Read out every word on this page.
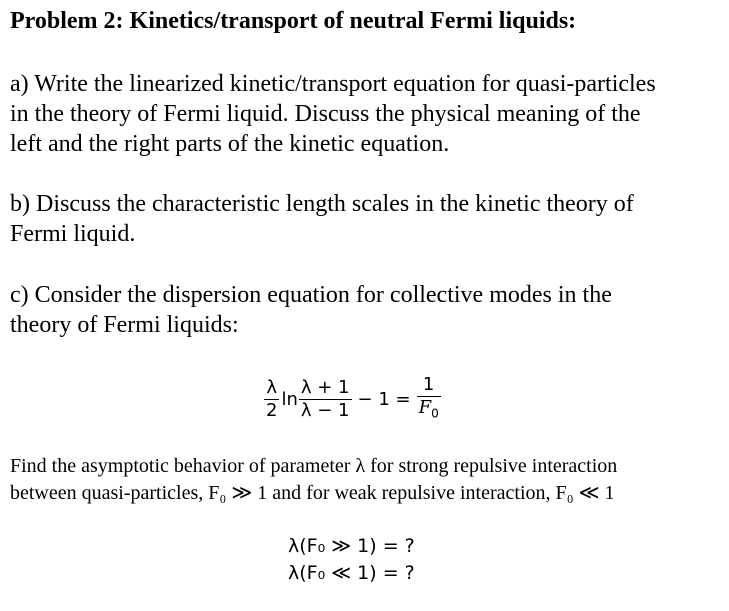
Problem 2: Kinetics/transport of neutral Fermi liquids:
a) Write the linearized kinetic/transport equation for quasi-particles
in the theory of Fermi liquid. Discuss the physical meaning of the
left and the right parts of the kinetic equation.
b) Discuss the characteristic length scales in the kinetic theory of
Fermi liquid.
c) Consider the dispersion equation for collective modes in the
theory of Fermi liquids:
$\frac{\lambda}{2}$ $\ln \frac{\lambda + 1}{\lambda - 1} - 1 = \frac{1}{F_0}$
Find the asymptotic behavior of parameter λ for strong repulsive interaction
between quasi-particles, F₀ ≫ 1 and for weak repulsive interaction, F₀ ≪ 1
λ(F₀ ≫ 1) = ?
λ(F₀ ≪ 1) = ?
